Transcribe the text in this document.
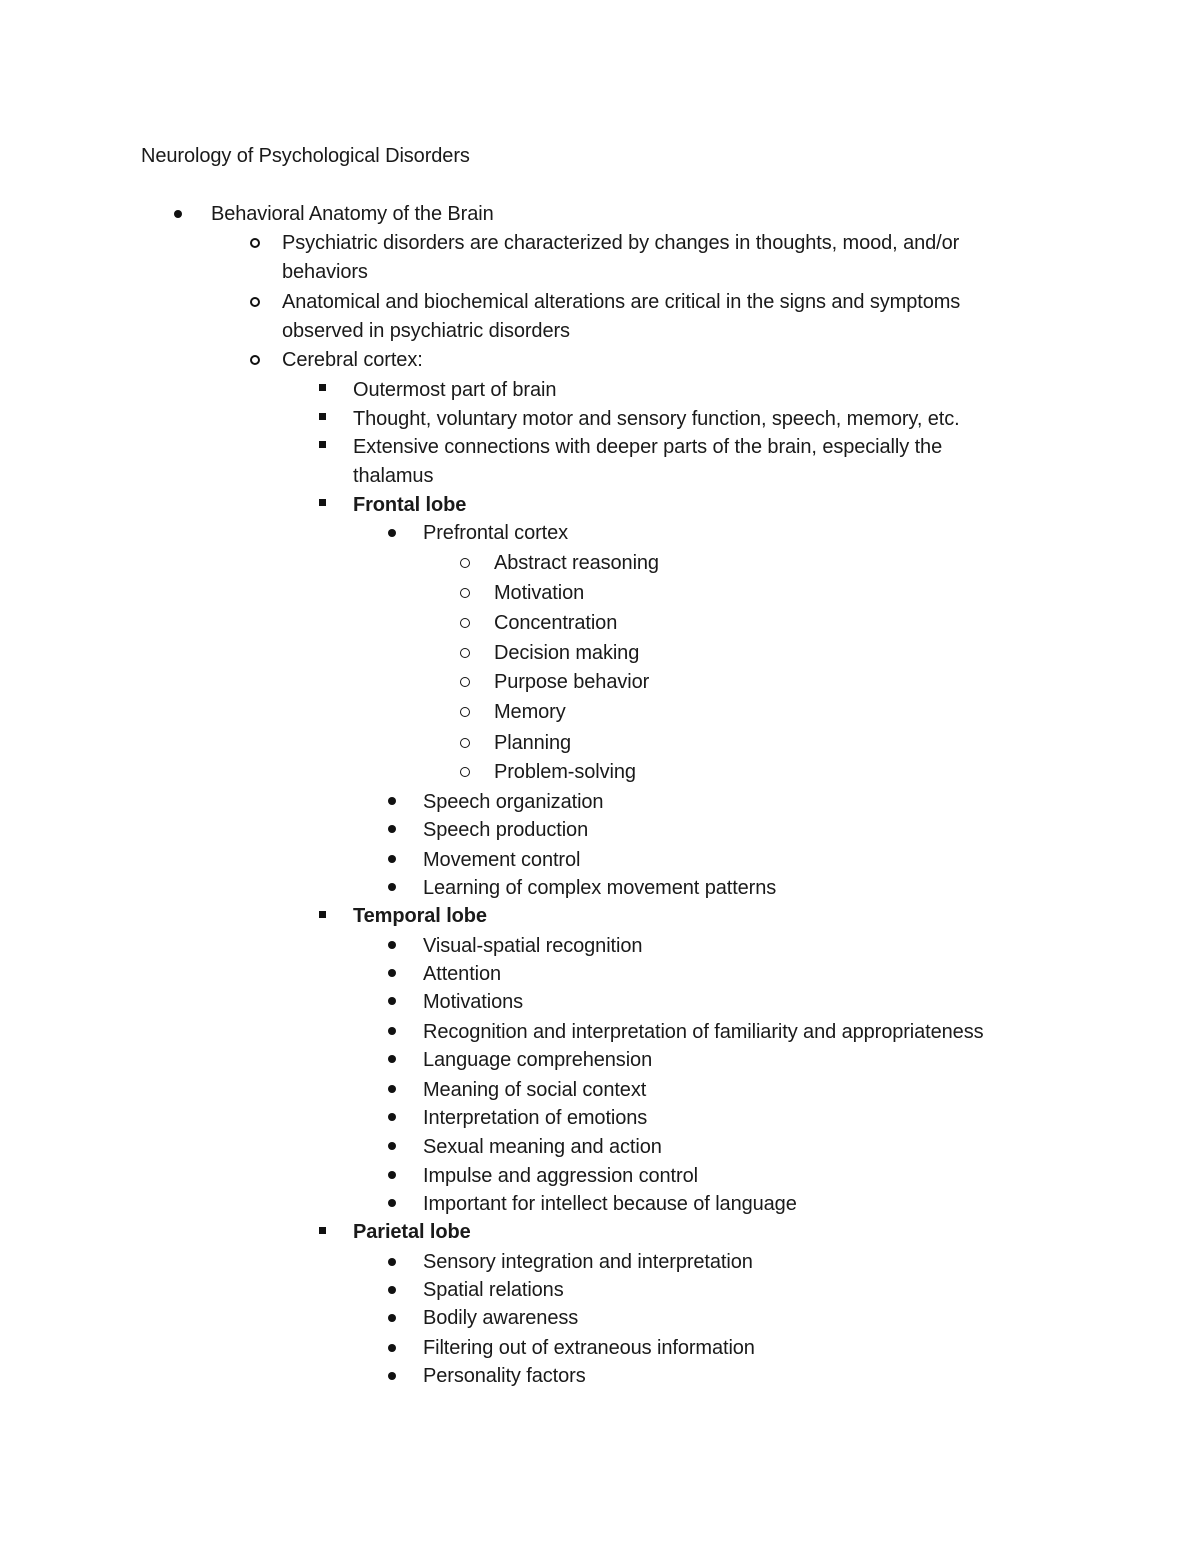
Neurology of Psychological Disorders
Behavioral Anatomy of the Brain
Psychiatric disorders are characterized by changes in thoughts, mood, and/or
behaviors
Anatomical and biochemical alterations are critical in the signs and symptoms
observed in psychiatric disorders
Cerebral cortex:
Outermost part of brain
Thought, voluntary motor and sensory function, speech, memory, etc.
Extensive connections with deeper parts of the brain, especially the
thalamus
Frontal lobe
Prefrontal cortex
Abstract reasoning
Motivation
Concentration
Decision making
Purpose behavior
Memory
Planning
Problem-solving
Speech organization
Speech production
Movement control
Learning of complex movement patterns
Temporal lobe
Visual-spatial recognition
Attention
Motivations
Recognition and interpretation of familiarity and appropriateness
Language comprehension
Meaning of social context
Interpretation of emotions
Sexual meaning and action
Impulse and aggression control
Important for intellect because of language
Parietal lobe
Sensory integration and interpretation
Spatial relations
Bodily awareness
Filtering out of extraneous information
Personality factors
